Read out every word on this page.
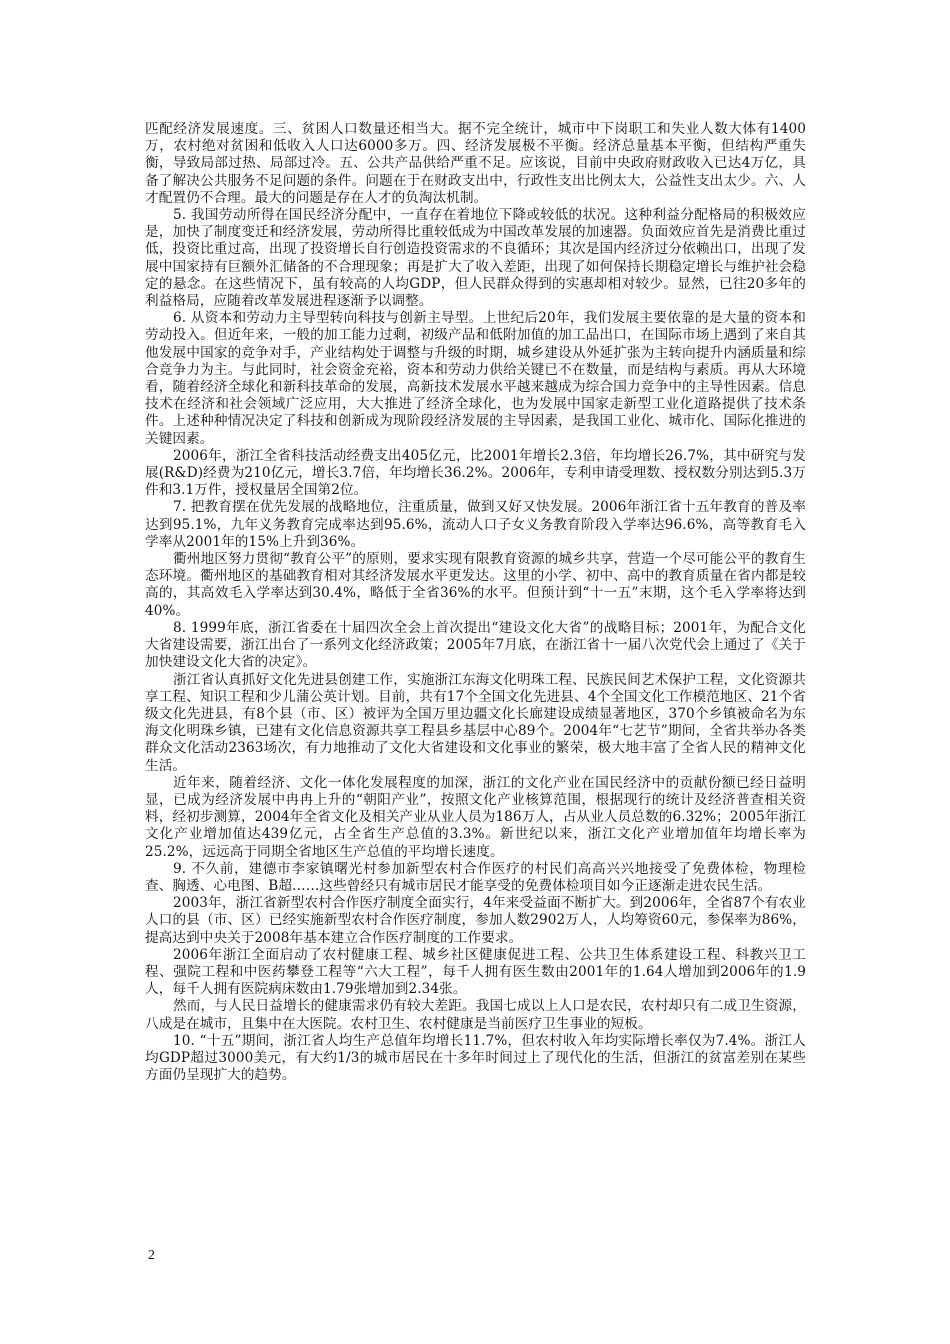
匹配经济发展速度。三、贫困人口数量还相当大。据不完全统计，城市中下岗职工和失业人数大体有1400万，农村绝对贫困和低收入人口达6000多万。四、经济发展极不平衡。经济总量基本平衡，但结构严重失衡，导致局部过热、局部过冷。五、公共产品供给严重不足。应该说，目前中央政府财政收入已达4万亿，具备了解决公共服务不足问题的条件。问题在于在财政支出中，行政性支出比例太大，公益性支出太少。六、人才配置仍不合理。最大的问题是存在人才的负淘汰机制。

5. 我国劳动所得在国民经济分配中，一直存在着地位下降或较低的状况。这种利益分配格局的积极效应是，加快了制度变迁和经济发展，劳动所得比重较低成为中国改革发展的加速器。负面效应首先是消费比重过低，投资比重过高，出现了投资增长自行创造投资需求的不良循环；其次是国内经济过分依赖出口，出现了发展中国家持有巨额外汇储备的不合理现象；再是扩大了收入差距，出现了如何保持长期稳定增长与维护社会稳定的悬念。在这些情况下，虽有较高的人均GDP，但人民群众得到的实惠却相对较少。显然，已往20多年的利益格局，应随着改革发展进程逐渐予以调整。

6. 从资本和劳动力主导型转向科技与创新主导型。上世纪后20年，我们发展主要依靠的是大量的资本和劳动投入。但近年来，一般的加工能力过剩，初级产品和低附加值的加工品出口，在国际市场上遇到了来自其他发展中国家的竞争对手，产业结构处于调整与升级的时期，城乡建设从外延扩张为主转向提升内涵质量和综合竞争力为主。与此同时，社会资金充裕，资本和劳动力供给关键已不在数量，而是结构与素质。再从大环境看，随着经济全球化和新科技革命的发展，高新技术发展水平越来越成为综合国力竞争中的主导性因素。信息技术在经济和社会领域广泛应用，大大推进了经济全球化，也为发展中国家走新型工业化道路提供了技术条件。上述种种情况决定了科技和创新成为现阶段经济发展的主导因素，是我国工业化、城市化、国际化推进的关键因素。

2006年，浙江全省科技活动经费支出405亿元，比2001年增长2.3倍，年均增长26.7%，其中研究与发展(R&D)经费为210亿元，增长3.7倍，年均增长36.2%。2006年，专利申请受理数、授权数分别达到5.3万件和3.1万件，授权量居全国第2位。

7. 把教育摆在优先发展的战略地位，注重质量，做到又好又快发展。2006年浙江省十五年教育的普及率达到95.1%，九年义务教育完成率达到95.6%，流动人口子女义务教育阶段入学率达96.6%，高等教育毛入学率从2001年的15%上升到36%。

衢州地区努力贯彻“教育公平”的原则，要求实现有限教育资源的城乡共享，营造一个尽可能公平的教育生态环境。衢州地区的基础教育相对其经济发展水平更发达。这里的小学、初中、高中的教育质量在省内都是较高的，其高效毛入学率达到30.4%，略低于全省36%的水平。但预计到“十一五”末期，这个毛入学率将达到40%。

8. 1999年底，浙江省委在十届四次全会上首次提出“建设文化大省”的战略目标；2001年，为配合文化大省建设需要，浙江出台了一系列文化经济政策；2005年7月底，在浙江省十一届八次党代会上通过了《关于加快建设文化大省的决定》。

浙江省认真抓好文化先进县创建工作，实施浙江东海文化明珠工程、民族民间艺术保护工程，文化资源共享工程、知识工程和少儿蒲公英计划。目前，共有17个全国文化先进县、4个全国文化工作模范地区、21个省级文化先进县，有8个县（市、区）被评为全国万里边疆文化长廊建设成绩显著地区，370个乡镇被命名为东海文化明珠乡镇，已建有文化信息资源共享工程县乡基层中心89个。2004年“七艺节”期间，全省共举办各类群众文化活动2363场次，有力地推动了文化大省建设和文化事业的繁荣，极大地丰富了全省人民的精神文化生活。

近年来，随着经济、文化一体化发展程度的加深，浙江的文化产业在国民经济中的贡献份额已经日益明显，已成为经济发展中冉冉上升的“朝阳产业”，按照文化产业核算范围，根据现行的统计及经济普查相关资料，经初步测算，2004年全省文化及相关产业从业人员为186万人，占从业人员总数的6.32%；2005年浙江文化产业增加值达439亿元，占全省生产总值的3.3%。新世纪以来，浙江文化产业增加值年均增长率为25.2%，远远高于同期全省地区生产总值的平均增长速度。

9. 不久前，建德市李家镇曙光村参加新型农村合作医疗的村民们高高兴兴地接受了免费体检，物理检查、胸透、心电图、B超……这些曾经只有城市居民才能享受的免费体检项目如今正逐渐走进农民生活。

2003年，浙江省新型农村合作医疗制度全面实行，4年来受益面不断扩大。到2006年，全省87个有农业人口的县（市、区）已经实施新型农村合作医疗制度，参加人数2902万人，人均筹资60元，参保率为86%，提高达到中央关于2008年基本建立合作医疗制度的工作要求。

2006年浙江全面启动了农村健康工程、城乡社区健康促进工程、公共卫生体系建设工程、科教兴卫工程、强院工程和中医药攀登工程等“六大工程”，每千人拥有医生数由2001年的1.64人增加到2006年的1.9人，每千人拥有医院病床数由1.79张增加到2.34张。

然而，与人民日益增长的健康需求仍有较大差距。我国七成以上人口是农民，农村却只有二成卫生资源，八成是在城市，且集中在大医院。农村卫生、农村健康是当前医疗卫生事业的短板。

10. “十五”期间，浙江省人均生产总值年均增长11.7%，但农村收入年均实际增长率仅为7.4%。浙江人均GDP超过3000美元，有大约1/3的城市居民在十多年时间过上了现代化的生活，但浙江的贫富差别在某些方面仍呈现扩大的趋势。

2
